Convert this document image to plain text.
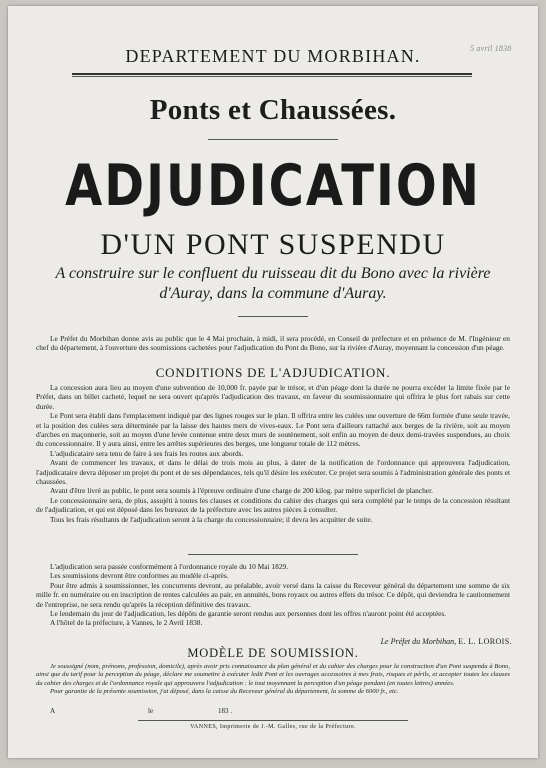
5 avril 1838
DEPARTEMENT DU MORBIHAN.
Ponts et Chaussées.
ADJUDICATION
D'UN PONT SUSPENDU
A construire sur le confluent du ruisseau dit du Bono avec la rivière
d'Auray, dans la commune d'Auray.

Le Préfet du Morbihan donne avis au public que le 4 Mai prochain, à midi, il sera procédé, en Conseil de préfecture et en présence de M. l'Ingénieur en chef du département, à l'ouverture des soumissions cachetées pour l'adjudication du Pont du Bono, sur la rivière d'Auray, moyennant la concession d'un péage.

CONDITIONS DE L'ADJUDICATION.

La concession aura lieu au moyen d'une subvention de 10,000 fr. payée par le trésor, et d'un péage dont la durée ne pourra excéder la limite fixée par le Préfet, dans un billet cacheté, lequel ne sera ouvert qu'après l'adjudication des travaux, en faveur du soumissionnaire qui offrira le plus fort rabais sur cette durée.

Le Pont sera établi dans l'emplacement indiqué par des lignes rouges sur le plan. Il offrira entre les culées une ouverture de 66m formée d'une seule travée, et la position des culées sera déterminée par la laisse des hautes mers de vives-eaux. Le Pont sera d'ailleurs rattaché aux berges de la rivière, soit au moyen d'arches en maçonnerie, soit au moyen d'une levée contenue entre deux murs de soutènement, soit enfin au moyen de deux demi-travées suspendues, au choix du concessionnaire. Il y aura ainsi, entre les arrêtes supérieures des berges, une longueur totale de 112 mètres.

L'adjudicataire sera tenu de faire à ses frais les routes aux abords.

Avant de commencer les travaux, et dans le délai de trois mois au plus, à dater de la notification de l'ordonnance qui approuvera l'adjudication, l'adjudicataire devra déposer un projet du pont et de ses dépendances, tels qu'il désire les exécuter. Ce projet sera soumis à l'administration générale des ponts et chaussées.

Avant d'être livré au public, le pont sera soumis à l'épreuve ordinaire d'une charge de 200 kilog. par mètre superficiel de plancher.

Le concessionnaire sera, de plus, assujéti à toutes les clauses et conditions du cahier des charges qui sera complété par le temps de la concession résultant de l'adjudication, et qui est déposé dans les bureaux de la préfecture avec les autres pièces à consulter.

Tous les frais résultants de l'adjudication seront à la charge du concessionnaire; il devra les acquitter de suite.

L'adjudication sera passée conformément à l'ordonnance royale du 10 Mai 1829.

Les soumissions devront être conformes au modèle ci-après.

Pour être admis à soumissionner, les concurrents devront, au préalable, avoir versé dans la caisse du Receveur général du département une somme de six mille fr. en numéraire ou en inscription de rentes calculées au pair, en annuités, bons royaux ou autres effets du trésor. Ce dépôt, qui deviendra le cautionnement de l'entreprise, ne sera rendu qu'après la réception définitive des travaux.

Le lendemain du jour de l'adjudication, les dépôts de garantie seront rendus aux personnes dont les offres n'auront point été acceptées.

A l'hôtel de la préfecture, à Vannes, le 2 Avril 1838.

Le Préfet du Morbihan, E. L. LOROIS.
MODÈLE DE SOUMISSION.

Je soussigné (nom, prénoms, profession, domicile), après avoir pris connaissance du plan général et du cahier des charges pour la construction d'un Pont suspendu à Bono, ainsi que du tarif pour la perception du péage, déclare me soumettre à exécuter ledit Pont et les ouvrages accessoires à mes frais, risques et périls, et accepter toutes les clauses du cahier des charges et de l'ordonnance royale qui approuvera l'adjudication : le tout moyennant la perception d'un péage pendant (en toutes lettres) années.

Pour garantie de la présente soumission, j'ai déposé, dans la caisse du Receveur général du département, la somme de 6000 fr., etc.

A	le	183 .
VANNES, Imprimerie de J.-M. Galles, rue de la Préfecture.
